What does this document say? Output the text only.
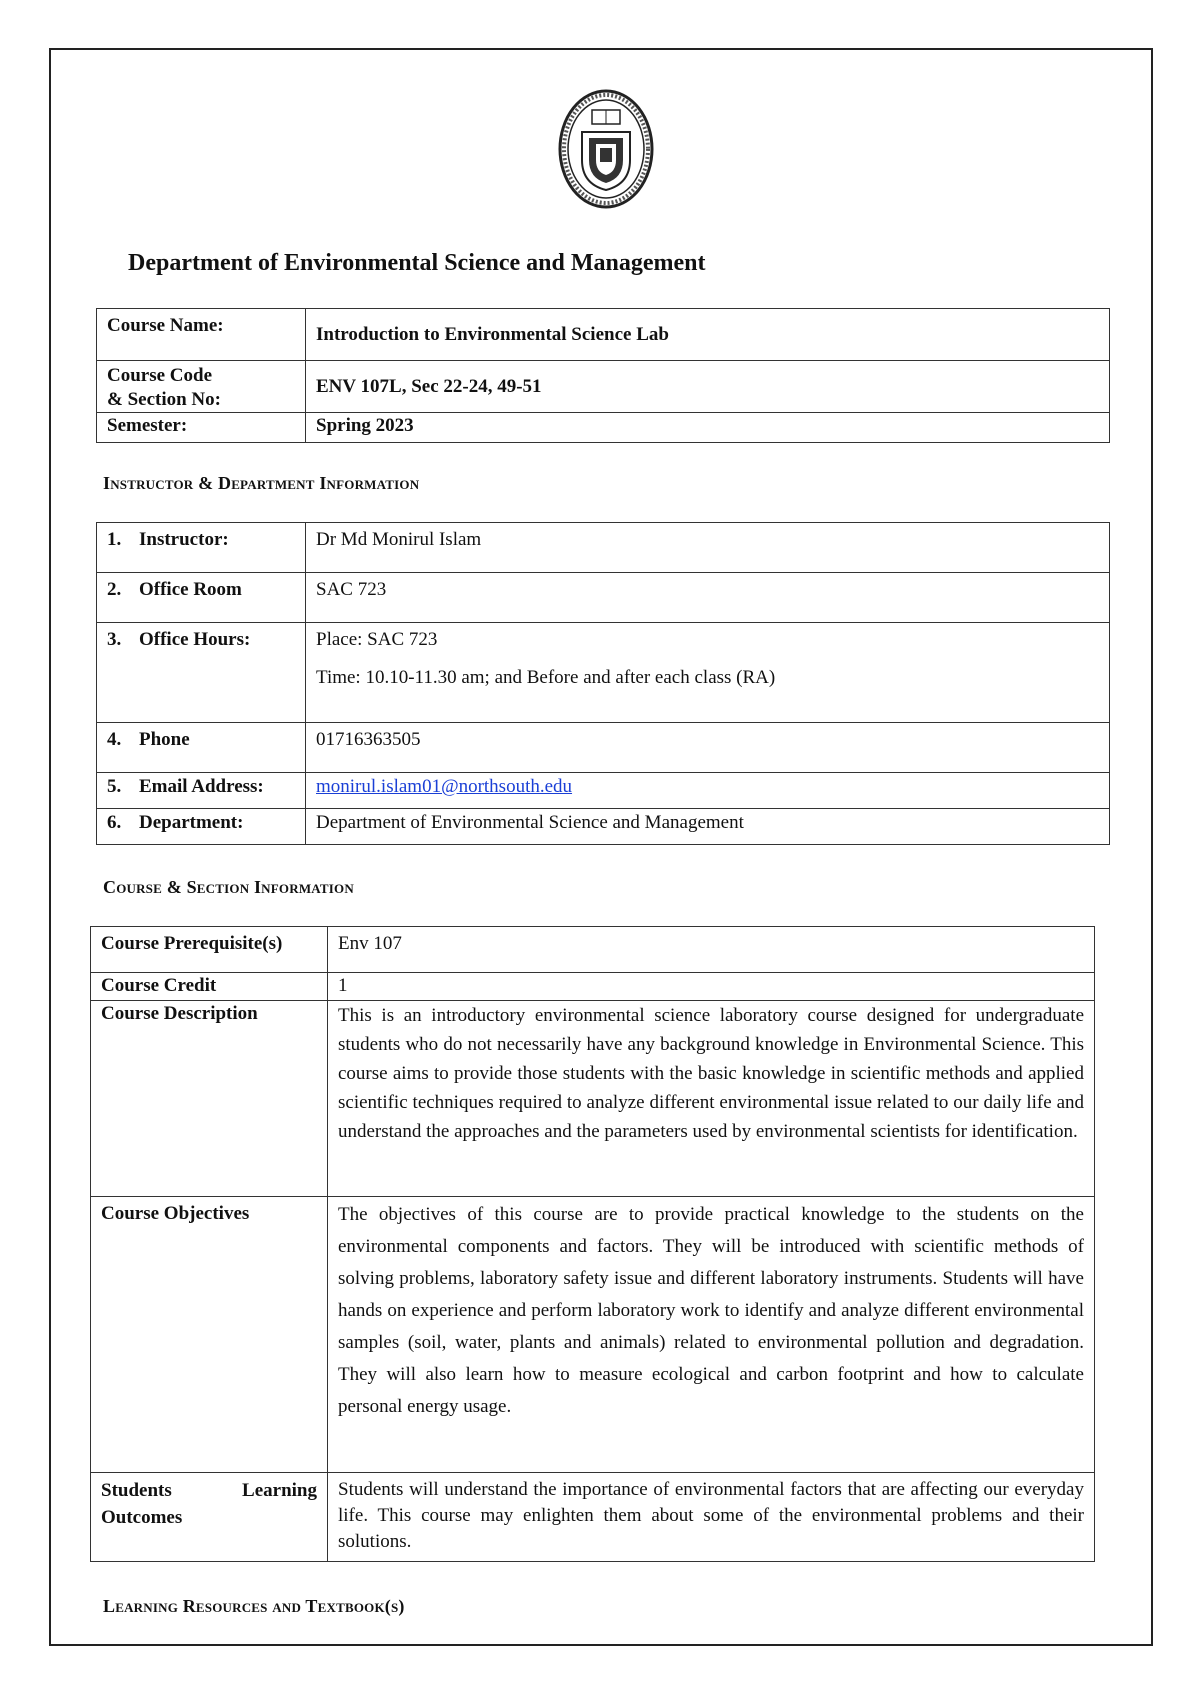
Department of Environmental Science and Management
Course Name:	Introduction to Environmental Science Lab
Course Code
& Section No:	ENV 107L, Sec 22-24, 49-51
Semester:	Spring 2023
Instructor & Department Information
1. Instructor:	Dr Md Monirul Islam
2. Office Room	SAC 723
3. Office Hours:	Place: SAC 723
Time: 10.10-11.30 am; and Before and after each class (RA)

4. Phone	01716363505
5. Email Address:	monirul.islam01@northsouth.edu
6. Department:	Department of Environmental Science and Management
Course & Section Information
Course Prerequisite(s)	Env 107
Course Credit	1
Course Description	This is an introductory environmental science laboratory course designed for undergraduate students who do not necessarily have any background knowledge in Environmental Science. This course aims to provide those students with the basic knowledge in scientific methods and applied scientific techniques required to analyze different environmental issue related to our daily life and understand the approaches and the parameters used by environmental scientists for identification.
Course Objectives	The objectives of this course are to provide practical knowledge to the students on the environmental components and factors. They will be introduced with scientific methods of solving problems, laboratory safety issue and different laboratory instruments. Students will have hands on experience and perform laboratory work to identify and analyze different environmental samples (soil, water, plants and animals) related to environmental pollution and degradation. They will also learn how to measure ecological and carbon footprint and how to calculate personal energy usage.
Students Learning Outcomes	Students will understand the importance of environmental factors that are affecting our everyday life. This course may enlighten them about some of the environmental problems and their solutions.
Learning Resources and Textbook(s)
